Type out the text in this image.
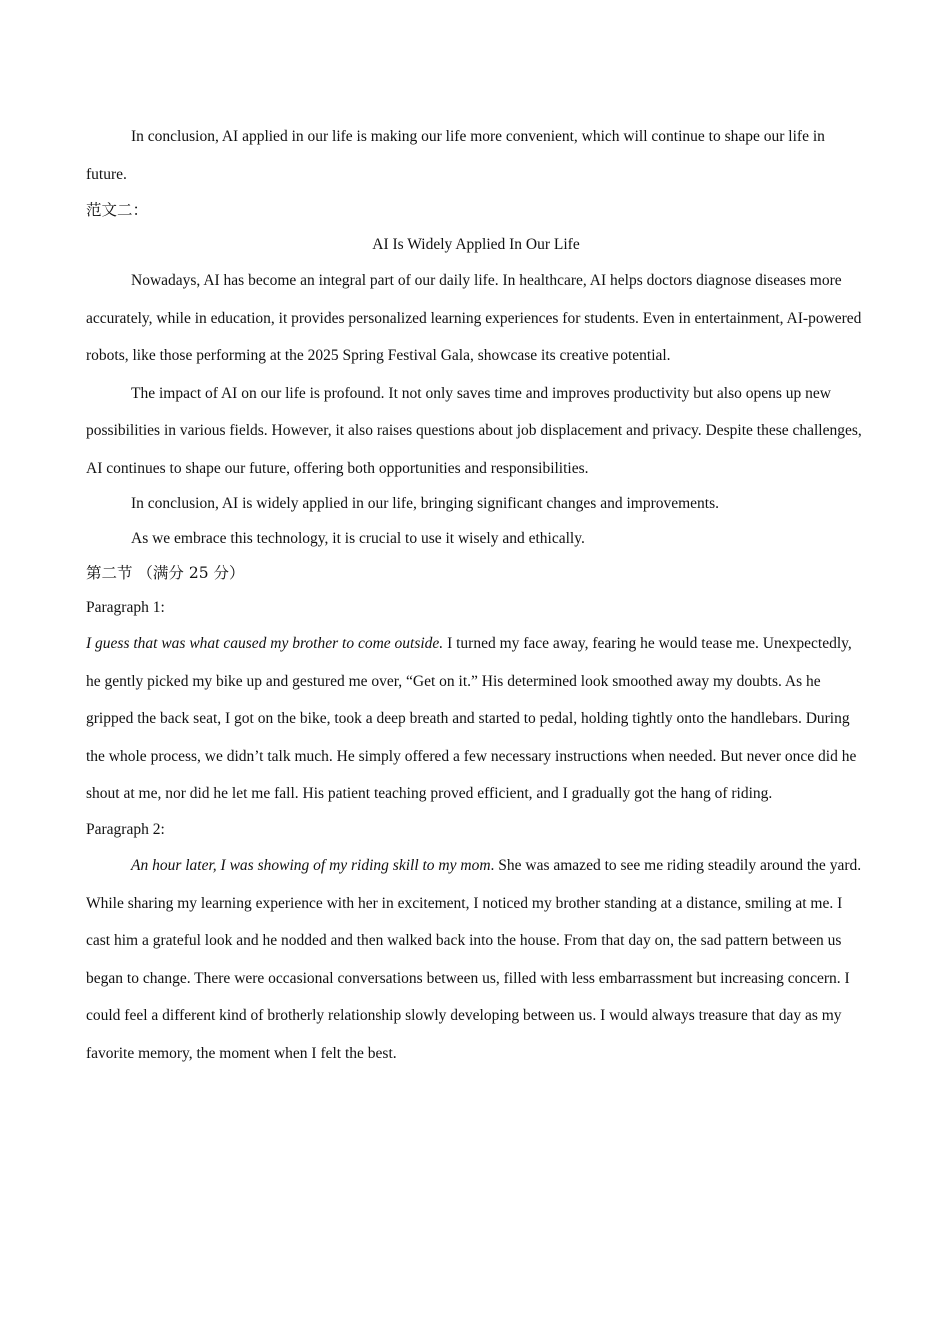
In conclusion, AI applied in our life is making our life more convenient, which will continue to shape our life in future.

范文二：

AI Is Widely Applied In Our Life

Nowadays, AI has become an integral part of our daily life. In healthcare, AI helps doctors diagnose diseases more accurately, while in education, it provides personalized learning experiences for students. Even in entertainment, AI-powered robots, like those performing at the 2025 Spring Festival Gala, showcase its creative potential.

The impact of AI on our life is profound. It not only saves time and improves productivity but also opens up new possibilities in various fields. However, it also raises questions about job displacement and privacy. Despite these challenges, AI continues to shape our future, offering both opportunities and responsibilities.

In conclusion, AI is widely applied in our life, bringing significant changes and improvements.

As we embrace this technology, it is crucial to use it wisely and ethically.

第二节 （满分 25 分）

Paragraph 1:

I guess that was what caused my brother to come outside. I turned my face away, fearing he would tease me. Unexpectedly, he gently picked my bike up and gestured me over, “Get on it.” His determined look smoothed away my doubts. As he gripped the back seat, I got on the bike, took a deep breath and started to pedal, holding tightly onto the handlebars. During the whole process, we didn’t talk much. He simply offered a few necessary instructions when needed. But never once did he shout at me, nor did he let me fall. His patient teaching proved efficient, and I gradually got the hang of riding.

Paragraph 2:

An hour later, I was showing of my riding skill to my mom. She was amazed to see me riding steadily around the yard. While sharing my learning experience with her in excitement, I noticed my brother standing at a distance, smiling at me. I cast him a grateful look and he nodded and then walked back into the house. From that day on, the sad pattern between us began to change. There were occasional conversations between us, filled with less embarrassment but increasing concern. I could feel a different kind of brotherly relationship slowly developing between us. I would always treasure that day as my favorite memory, the moment when I felt the best.
